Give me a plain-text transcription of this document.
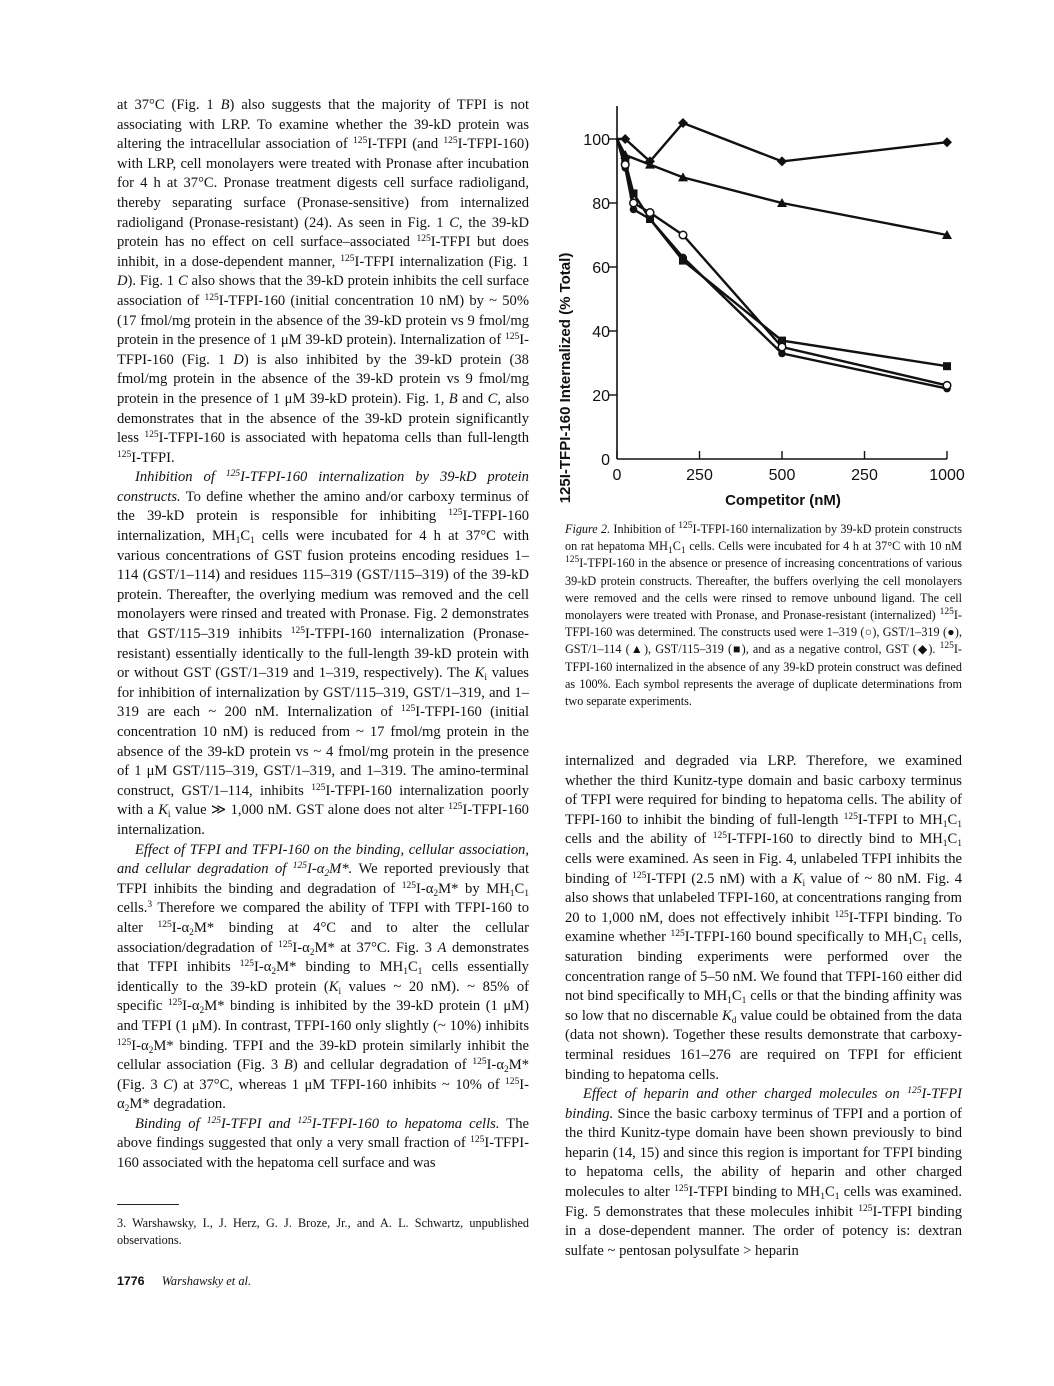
at 37°C (Fig. 1 B) also suggests that the majority of TFPI is not associating with LRP. To examine whether the 39-kD protein was altering the intracellular association of $^{125}$I-TFPI (and $^{125}$I-TFPI-160) with LRP, cell monolayers were treated with Pronase after incubation for 4 h at 37°C. Pronase treatment digests cell surface radioligand, thereby separating surface (Pronase-sensitive) from internalized radioligand (Pronase-resistant) (24). As seen in Fig. 1 C, the 39-kD protein has no effect on cell surface–associated $^{125}$I-TFPI but does inhibit, in a dose-dependent manner, $^{125}$I-TFPI internalization (Fig. 1 D). Fig. 1 C also shows that the 39-kD protein inhibits the cell surface association of $^{125}$I-TFPI-160 (initial concentration 10 nM) by ~ 50% (17 fmol/mg protein in the absence of the 39-kD protein vs 9 fmol/mg protein in the presence of 1 μM 39-kD protein). Internalization of $^{125}$I-TFPI-160 (Fig. 1 D) is also inhibited by the 39-kD protein (38 fmol/mg protein in the absence of the 39-kD protein vs 9 fmol/mg protein in the presence of 1 μM 39-kD protein). Fig. 1, B and C, also demonstrates that in the absence of the 39-kD protein significantly less $^{125}$I-TFPI-160 is associated with hepatoma cells than full-length $^{125}$I-TFPI.

Inhibition of $^{125}$I-TFPI-160 internalization by 39-kD protein constructs. To define whether the amino and/or carboxy terminus of the 39-kD protein is responsible for inhibiting $^{125}$I-TFPI-160 internalization, $MH_1C_1$ cells were incubated for 4 h at 37°C with various concentrations of GST fusion proteins encoding residues 1–114 (GST/1–114) and residues 115–319 (GST/115–319) of the 39-kD protein. Thereafter, the overlying medium was removed and the cell monolayers were rinsed and treated with Pronase. Fig. 2 demonstrates that GST/115–319 inhibits $^{125}$I-TFPI-160 internalization (Pronase-resistant) essentially identically to the full-length 39-kD protein with or without GST (GST/1–319 and 1–319, respectively). The $K_i$ values for inhibition of internalization by GST/115–319, GST/1–319, and 1–319 are each ~ 200 nM. Internalization of $^{125}$I-TFPI-160 (initial concentration 10 nM) is reduced from ~ 17 fmol/mg protein in the absence of the 39-kD protein vs ~ 4 fmol/mg protein in the presence of 1 μM GST/115–319, GST/1–319, and 1–319. The amino-terminal construct, GST/1–114, inhibits $^{125}$I-TFPI-160 internalization poorly with a $K_i$ value ≫ 1,000 nM. GST alone does not alter $^{125}$I-TFPI-160 internalization.

Effect of TFPI and TFPI-160 on the binding, cellular association, and cellular degradation of $^{125}I-\alpha_2M*$. We reported previously that TFPI inhibits the binding and degradation of $^{125}I-\alpha_2M*$ by $MH_1C_1$ cells.$^3$ Therefore we compared the ability of TFPI with TFPI-160 to alter $^{125}I-\alpha_2M*$ binding at 4°C and to alter the cellular association/degradation of $^{125}I-\alpha_2M*$ at 37°C. Fig. 3 A demonstrates that TFPI inhibits $^{125}I-\alpha_2M*$ binding to $MH_1C_1$ cells essentially identically to the 39-kD protein ($K_i$ values ~ 20 nM). ~ 85% of specific $^{125}I-\alpha_2M*$ binding is inhibited by the 39-kD protein (1 μM) and TFPI (1 μM). In contrast, TFPI-160 only slightly (~ 10%) inhibits $^{125}I-\alpha_2M*$ binding. TFPI and the 39-kD protein similarly inhibit the cellular association (Fig. 3 B) and cellular degradation of $^{125}I-\alpha_2M*$ (Fig. 3 C) at 37°C, whereas 1 μM TFPI-160 inhibits ~ 10% of $^{125}I-\alpha_2M*$ degradation.

Binding of $^{125}$I-TFPI and $^{125}$I-TFPI-160 to hepatoma cells. The above findings suggested that only a very small fraction of $^{125}$I-TFPI-160 associated with the hepatoma cell surface and was

3. Warshawsky, I., J. Herz, G. J. Broze, Jr., and A. L. Schwartz, unpublished observations.
1776 Warshawsky et al.
0
20
40
60
80
100
0	250	500	250	1000
125I-TFPI-160 Internalized (% Total)	Competitor (nM)
Figure 2. Inhibition of $^{125}$I-TFPI-160 internalization by 39-kD protein constructs on rat hepatoma $MH_1C_1$ cells. Cells were incubated for 4 h at 37°C with 10 nM $^{125}$I-TFPI-160 in the absence or presence of increasing concentrations of various 39-kD protein constructs. Thereafter, the buffers overlying the cell monolayers were removed and the cells were rinsed to remove unbound ligand. The cell monolayers were treated with Pronase, and Pronase-resistant (internalized) $^{125}$I-TFPI-160 was determined. The constructs used were 1–319 (○), GST/1–319 (●), GST/1–114 (▲), GST/115–319 (■), and as a negative control, GST (◆). $^{125}$I-TFPI-160 internalized in the absence of any 39-kD protein construct was defined as 100%. Each symbol represents the average of duplicate determinations from two separate experiments.

internalized and degraded via LRP. Therefore, we examined whether the third Kunitz-type domain and basic carboxy terminus of TFPI were required for binding to hepatoma cells. The ability of TFPI-160 to inhibit the binding of full-length $^{125}$I-TFPI to $MH_1C_1$ cells and the ability of $^{125}$I-TFPI-160 to directly bind to $MH_1C_1$ cells were examined. As seen in Fig. 4, unlabeled TFPI inhibits the binding of $^{125}$I-TFPI (2.5 nM) with a $K_i$ value of ~ 80 nM. Fig. 4 also shows that unlabeled TFPI-160, at concentrations ranging from 20 to 1,000 nM, does not effectively inhibit $^{125}$I-TFPI binding. To examine whether $^{125}$I-TFPI-160 bound specifically to $MH_1C_1$ cells, saturation binding experiments were performed over the concentration range of 5–50 nM. We found that TFPI-160 either did not bind specifically to $MH_1C_1$ cells or that the binding affinity was so low that no discernable $K_d$ value could be obtained from the data (data not shown). Together these results demonstrate that carboxy-terminal residues 161–276 are required on TFPI for efficient binding to hepatoma cells.

Effect of heparin and other charged molecules on $^{125}$I-TFPI binding. Since the basic carboxy terminus of TFPI and a portion of the third Kunitz-type domain have been shown previously to bind heparin (14, 15) and since this region is important for TFPI binding to hepatoma cells, the ability of heparin and other charged molecules to alter $^{125}$I-TFPI binding to $MH_1C_1$ cells was examined. Fig. 5 demonstrates that these molecules inhibit $^{125}$I-TFPI binding in a dose-dependent manner. The order of potency is: dextran sulfate ~ pentosan polysulfate > heparin
